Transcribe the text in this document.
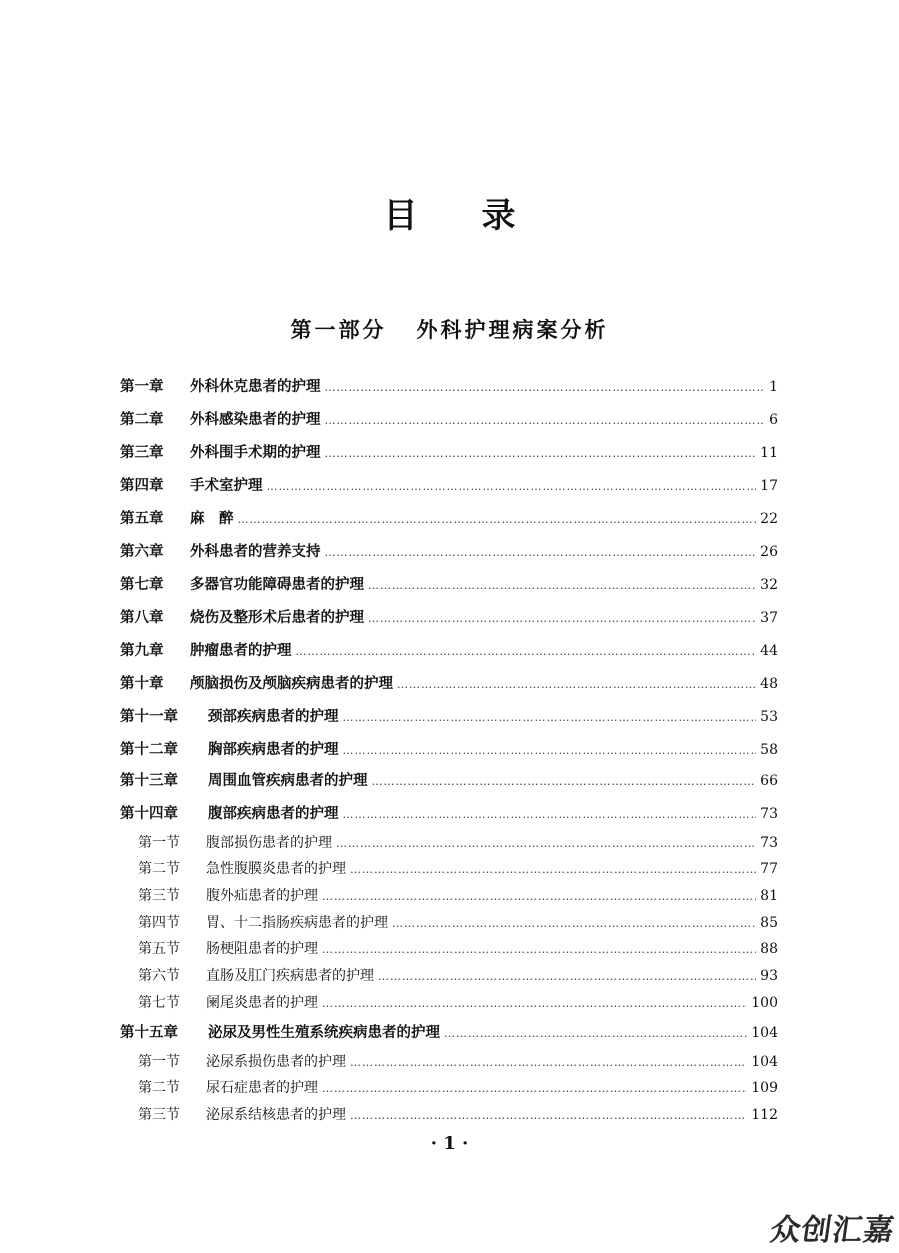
目 录
第一部分 外科护理病案分析
第一章	外科休克患者的护理 ……………………………………………………………………………………………………………………………………………………………………	1
第二章	外科感染患者的护理 ……………………………………………………………………………………………………………………………………………………………………	6
第三章	外科围手术期的护理 ……………………………………………………………………………………………………………………………………………………………………	11
第四章	手术室护理 ……………………………………………………………………………………………………………………………………………………………………	17
第五章	麻　醉 ……………………………………………………………………………………………………………………………………………………………………	22
第六章	外科患者的营养支持 ……………………………………………………………………………………………………………………………………………………………………	26
第七章	多器官功能障碍患者的护理 ……………………………………………………………………………………………………………………………………………………………………	32
第八章	烧伤及整形术后患者的护理 ……………………………………………………………………………………………………………………………………………………………………	37
第九章	肿瘤患者的护理 ……………………………………………………………………………………………………………………………………………………………………	44
第十章	颅脑损伤及颅脑疾病患者的护理 ……………………………………………………………………………………………………………………………………………………………………	48
第十一章	颈部疾病患者的护理 ……………………………………………………………………………………………………………………………………………………………………	53
第十二章	胸部疾病患者的护理 ……………………………………………………………………………………………………………………………………………………………………	58
第十三章	周围血管疾病患者的护理 ……………………………………………………………………………………………………………………………………………………………………	66
第十四章	腹部疾病患者的护理 ……………………………………………………………………………………………………………………………………………………………………	73
第一节	腹部损伤患者的护理 ……………………………………………………………………………………………………………………………………………………………………	73
第二节	急性腹膜炎患者的护理 ……………………………………………………………………………………………………………………………………………………………………	77
第三节	腹外疝患者的护理 ……………………………………………………………………………………………………………………………………………………………………	81
第四节	胃、十二指肠疾病患者的护理 ……………………………………………………………………………………………………………………………………………………………………	85
第五节	肠梗阻患者的护理 ……………………………………………………………………………………………………………………………………………………………………	88
第六节	直肠及肛门疾病患者的护理 ……………………………………………………………………………………………………………………………………………………………………	93
第七节	阑尾炎患者的护理 ……………………………………………………………………………………………………………………………………………………………………	100
第十五章	泌尿及男性生殖系统疾病患者的护理 ……………………………………………………………………………………………………………………………………………………………………	104
第一节	泌尿系损伤患者的护理 ……………………………………………………………………………………………………………………………………………………………………	104
第二节	尿石症患者的护理 ……………………………………………………………………………………………………………………………………………………………………	109
第三节	泌尿系结核患者的护理 ……………………………………………………………………………………………………………………………………………………………………	112
· 1 ·
众创汇嘉
